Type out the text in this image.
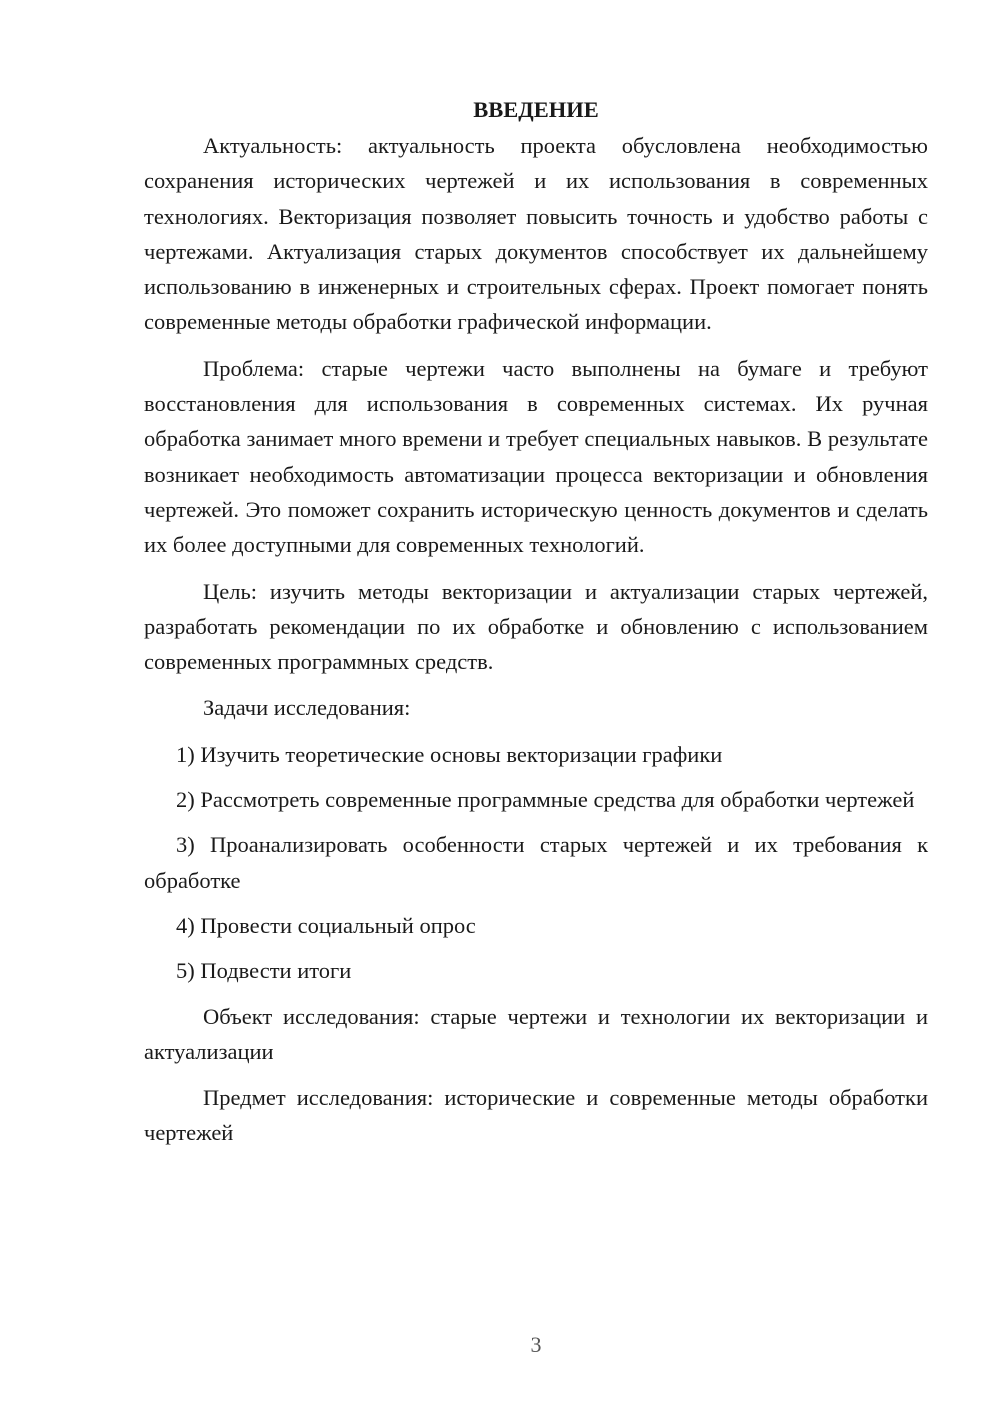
ВВЕДЕНИЕ

Актуальность: актуальность проекта обусловлена необходимостью сохранения исторических чертежей и их использования в современных технологиях. Векторизация позволяет повысить точность и удобство работы с чертежами. Актуализация старых документов способствует их дальнейшему использованию в инженерных и строительных сферах. Проект помогает понять современные методы обработки графической информации.

Проблема: старые чертежи часто выполнены на бумаге и требуют восстановления для использования в современных системах. Их ручная обработка занимает много времени и требует специальных навыков. В результате возникает необходимость автоматизации процесса векторизации и обновления чертежей. Это поможет сохранить историческую ценность документов и сделать их более доступными для современных технологий.

Цель: изучить методы векторизации и актуализации старых чертежей, разработать рекомендации по их обработке и обновлению с использованием современных программных средств.

Задачи исследования:

1) Изучить теоретические основы векторизации графики

2) Рассмотреть современные программные средства для обработки чертежей

3) Проанализировать особенности старых чертежей и их требования к обработке

4) Провести социальный опрос

5) Подвести итоги

Объект исследования: старые чертежи и технологии их векторизации и актуализации

Предмет исследования: исторические и современные методы обработки чертежей

3
